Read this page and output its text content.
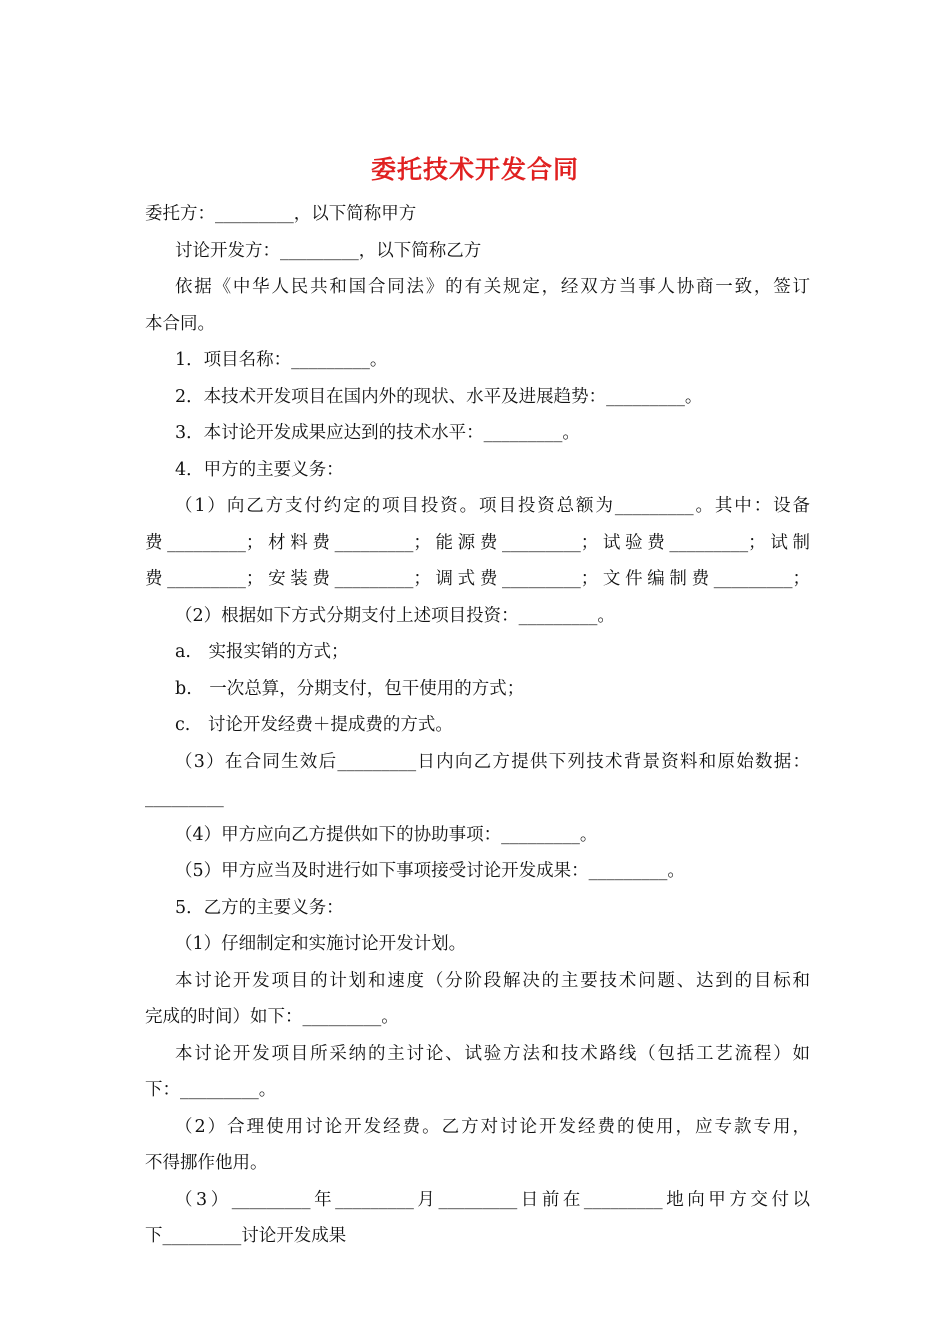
委托技术开发合同

委托方：_________，以下简称甲方

讨论开发方：_________，以下简称乙方

依据《中华人民共和国合同法》的有关规定，经双方当事人协商一致，签订

本合同。

1．项目名称：_________。

2．本技术开发项目在国内外的现状、水平及进展趋势：_________。

3．本讨论开发成果应达到的技术水平：_________。

4．甲方的主要义务：

（1）向乙方支付约定的项目投资。项目投资总额为_________。其中：设备

费_________；材料费_________；能源费_________；试验费_________；试制

费_________；安装费_________；调式费_________；文件编制费_________；

（2）根据如下方式分期支付上述项目投资：_________。

a.　实报实销的方式；

b.　一次总算，分期支付，包干使用的方式；

c.　讨论开发经费＋提成费的方式。

（3）在合同生效后_________日内向乙方提供下列技术背景资料和原始数据：

_________

（4）甲方应向乙方提供如下的协助事项：_________。

（5）甲方应当及时进行如下事项接受讨论开发成果：_________。

5．乙方的主要义务：

（1）仔细制定和实施讨论开发计划。

本讨论开发项目的计划和速度（分阶段解决的主要技术问题、达到的目标和

完成的时间）如下：_________。

本讨论开发项目所采纳的主讨论、试验方法和技术路线（包括工艺流程）如

下：_________。

（2）合理使用讨论开发经费。乙方对讨论开发经费的使用，应专款专用，

不得挪作他用。

（3）_________年_________月_________日前在_________地向甲方交付以

下_________讨论开发成果
